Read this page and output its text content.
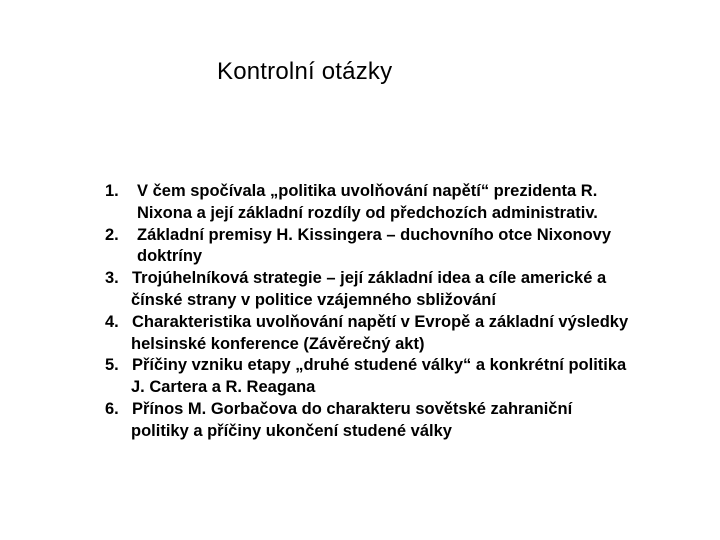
Kontrolní otázky
1.	V čem spočívala „politika uvolňování napětí“ prezidenta R.
Nixona a její základní rozdíly od předchozích administrativ.
2.	Základní premisy H. Kissingera – duchovního otce Nixonovy
doktríny
3. Trojúhelníková strategie – její základní idea a cíle americké a
čínské strany v politice vzájemného sbližování
4. Charakteristika uvolňování napětí v Evropě a základní výsledky
helsinské konference (Závěrečný akt)
5. Příčiny vzniku etapy „druhé studené války“ a konkrétní politika
J. Cartera a R. Reagana
6. Přínos M. Gorbačova do charakteru sovětské zahraniční
politiky a příčiny ukončení studené války
